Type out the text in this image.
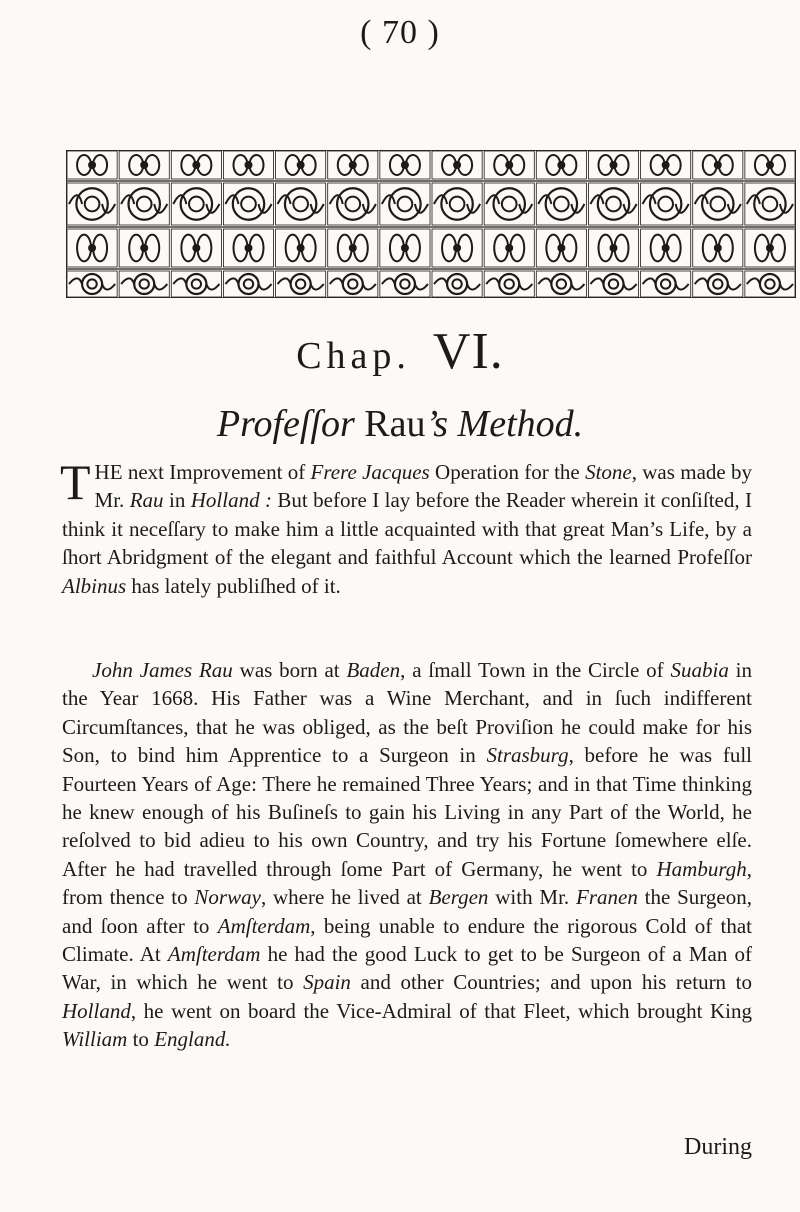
( 70 )
Chap. VI.
Profeſſor Rau’s Method.
THE next Improvement of Frere Jacques Operation for the Stone, was made by Mr. Rau in Holland : But before I lay before the Reader wherein it conſiſted, I think it neceſſary to make him a little acquainted with that great Man’s Life, by a ſhort Abridgment of the elegant and faithful Account which the learned Profeſſor Albinus has lately publiſhed of it.
John James Rau was born at Baden, a ſmall Town in the Circle of Suabia in the Year 1668. His Father was a Wine Merchant, and in ſuch indifferent Circumſtances, that he was obliged, as the beſt Proviſion he could make for his Son, to bind him Apprentice to a Surgeon in Strasburg, before he was full Fourteen Years of Age: There he remained Three Years; and in that Time thinking he knew enough of his Buſineſs to gain his Living in any Part of the World, he reſolved to bid adieu to his own Country, and try his Fortune ſomewhere elſe. After he had travelled through ſome Part of Germany, he went to Hamburgh, from thence to Norway, where he lived at Bergen with Mr. Franen the Surgeon, and ſoon after to Amſterdam, being unable to endure the rigorous Cold of that Climate. At Amſterdam he had the good Luck to get to be Surgeon of a Man of War, in which he went to Spain and other Countries; and upon his return to Holland, he went on board the Vice-Admiral of that Fleet, which brought King William to England.
During
